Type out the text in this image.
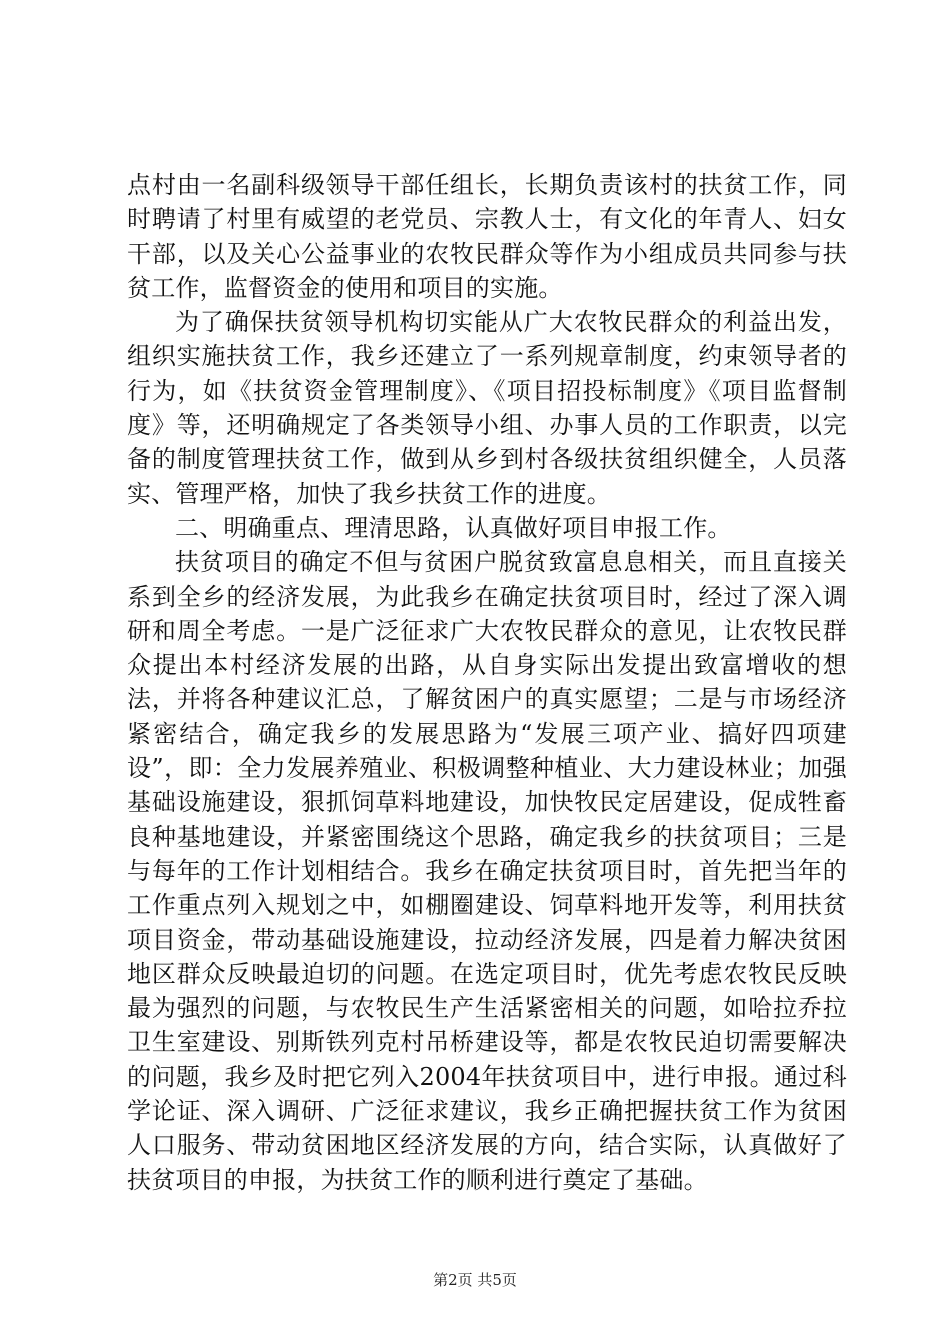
点村由一名副科级领导干部任组长，长期负责该村的扶贫工作，同时聘请了村里有威望的老党员、宗教人士，有文化的年青人、妇女干部，以及关心公益事业的农牧民群众等作为小组成员共同参与扶贫工作，监督资金的使用和项目的实施。

为了确保扶贫领导机构切实能从广大农牧民群众的利益出发，组织实施扶贫工作，我乡还建立了一系列规章制度，约束领导者的行为，如《扶贫资金管理制度》、《项目招投标制度》《项目监督制度》等，还明确规定了各类领导小组、办事人员的工作职责，以完备的制度管理扶贫工作，做到从乡到村各级扶贫组织健全，人员落实、管理严格，加快了我乡扶贫工作的进度。

二、明确重点、理清思路，认真做好项目申报工作。

扶贫项目的确定不但与贫困户脱贫致富息息相关，而且直接关系到全乡的经济发展，为此我乡在确定扶贫项目时，经过了深入调研和周全考虑。一是广泛征求广大农牧民群众的意见，让农牧民群众提出本村经济发展的出路，从自身实际出发提出致富增收的想法，并将各种建议汇总，了解贫困户的真实愿望；二是与市场经济紧密结合，确定我乡的发展思路为“发展三项产业、搞好四项建设”，即：全力发展养殖业、积极调整种植业、大力建设林业；加强基础设施建设，狠抓饲草料地建设，加快牧民定居建设，促成牲畜良种基地建设，并紧密围绕这个思路，确定我乡的扶贫项目；三是与每年的工作计划相结合。我乡在确定扶贫项目时，首先把当年的工作重点列入规划之中，如棚圈建设、饲草料地开发等，利用扶贫项目资金，带动基础设施建设，拉动经济发展，四是着力解决贫困地区群众反映最迫切的问题。在选定项目时，优先考虑农牧民反映最为强烈的问题，与农牧民生产生活紧密相关的问题，如哈拉乔拉卫生室建设、别斯铁列克村吊桥建设等，都是农牧民迫切需要解决的问题，我乡及时把它列入2004年扶贫项目中，进行申报。通过科学论证、深入调研、广泛征求建议，我乡正确把握扶贫工作为贫困人口服务、带动贫困地区经济发展的方向，结合实际，认真做好了扶贫项目的申报，为扶贫工作的顺利进行奠定了基础。

第2页 共5页
